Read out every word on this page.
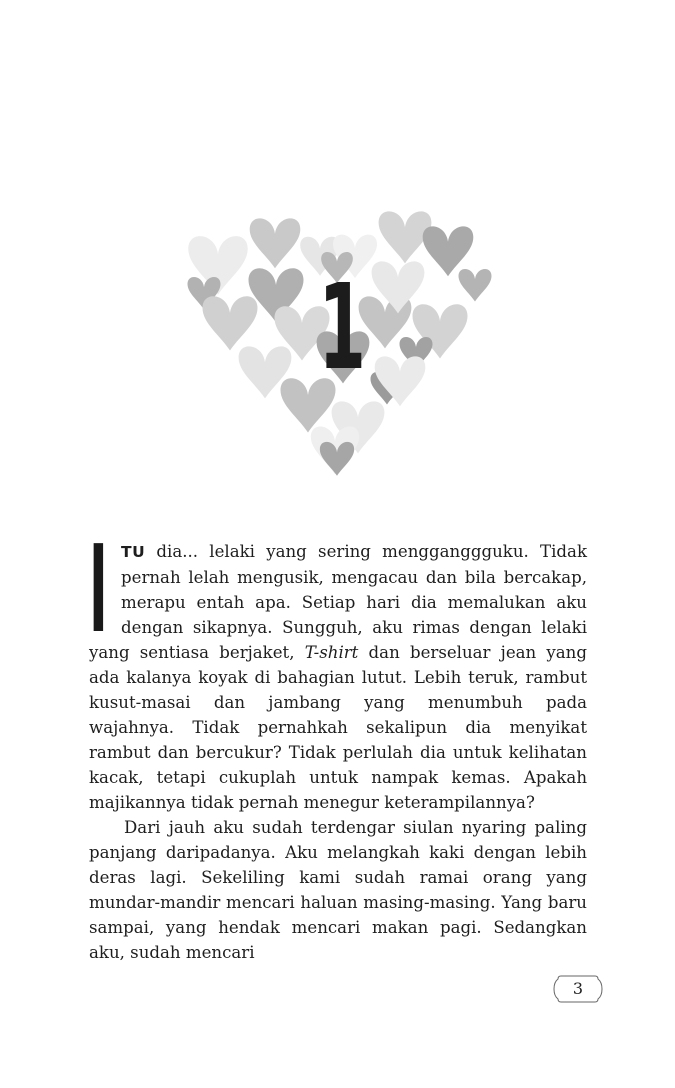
1

ITU dia... lelaki yang sering mengganggguku. Tidak pernah lelah mengusik, mengacau dan bila bercakap, merapu entah apa. Setiap hari dia memalukan aku dengan sikapnya. Sungguh, aku rimas dengan lelaki yang sentiasa berjaket, T-shirt dan berseluar jean yang ada kalanya koyak di bahagian lutut. Lebih teruk, rambut kusut-masai dan jambang yang menumbuh pada wajahnya. Tidak pernahkah sekalipun dia menyikat rambut dan bercukur? Tidak perlulah dia untuk kelihatan kacak, tetapi cukuplah untuk nampak kemas. Apakah majikannya tidak pernah menegur keterampilannya?

Dari jauh aku sudah terdengar siulan nyaring paling panjang daripadanya. Aku melangkah kaki dengan lebih deras lagi. Sekeliling kami sudah ramai orang yang mundar-mandir mencari haluan masing-masing. Yang baru sampai, yang hendak mencari makan pagi. Sedangkan aku, sudah mencari

3
